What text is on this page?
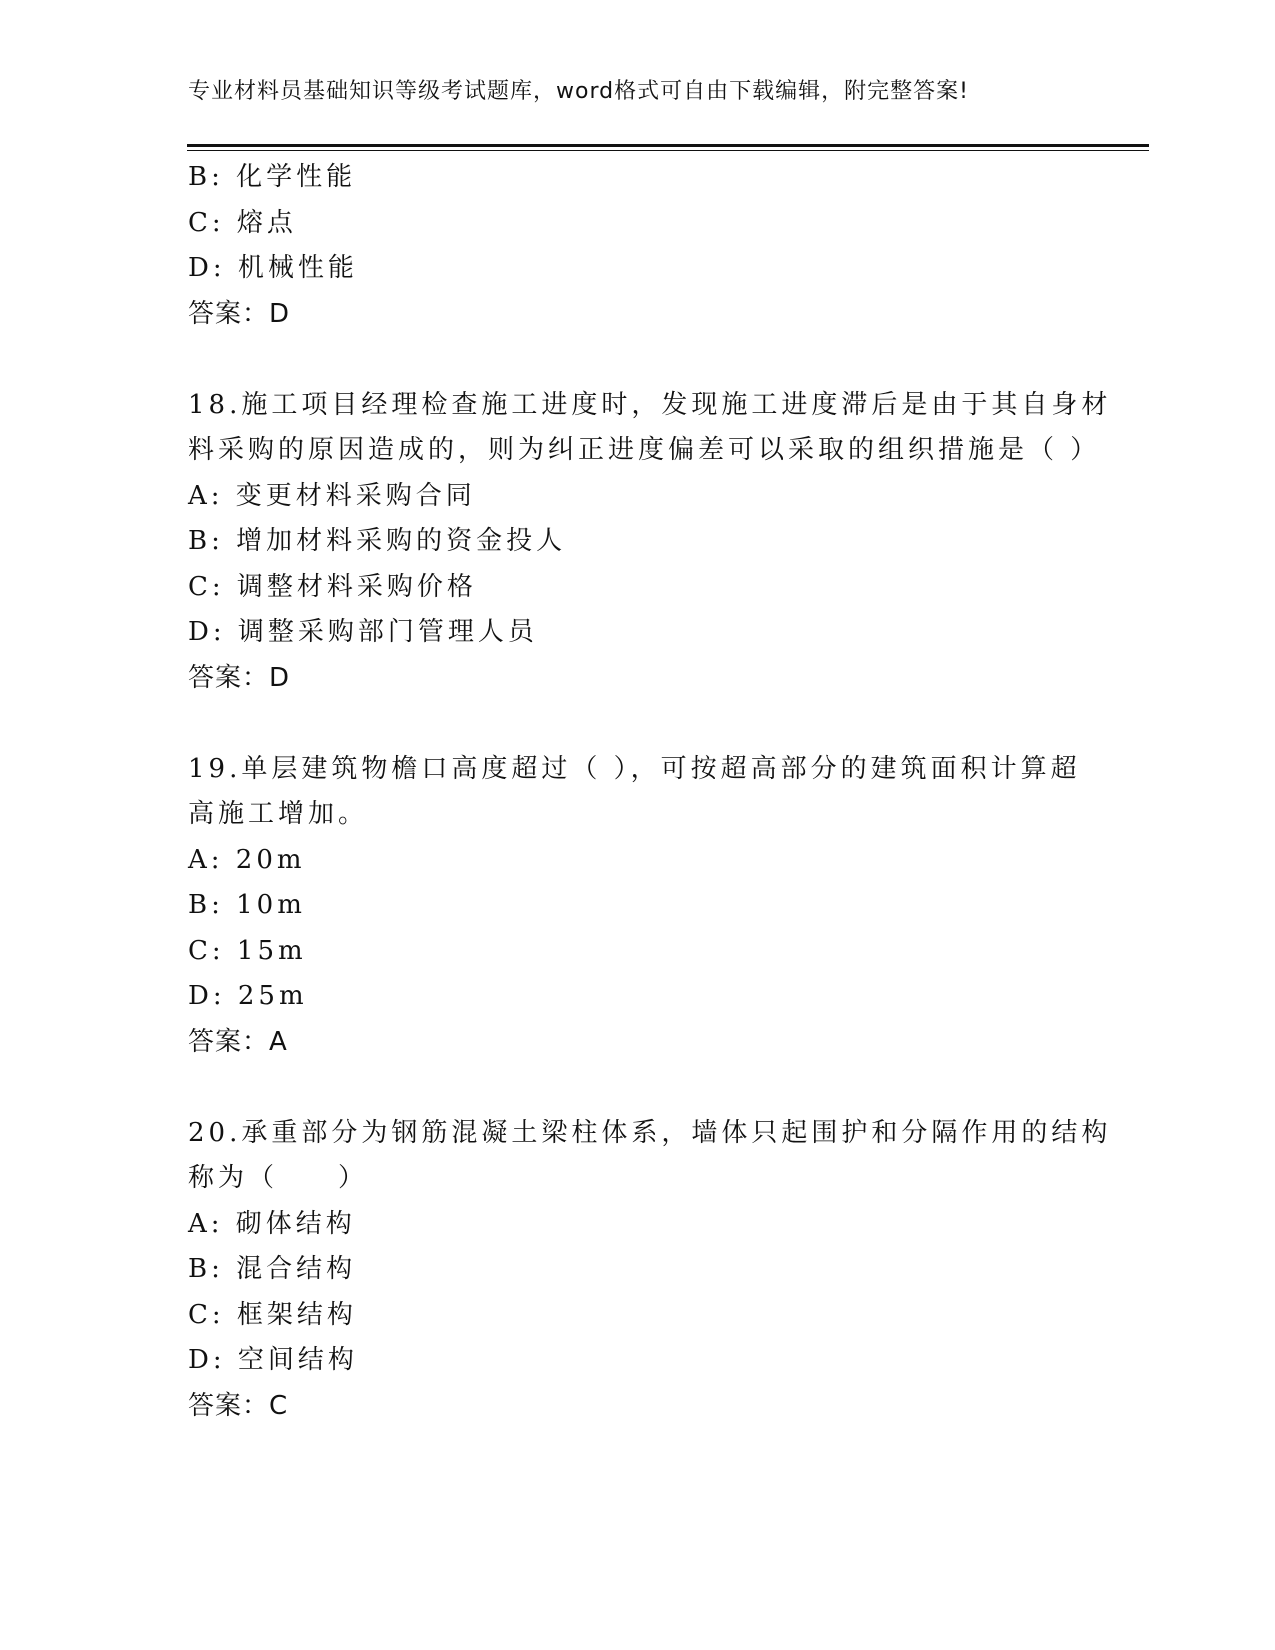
专业材料员基础知识等级考试题库，word格式可自由下载编辑，附完整答案!
B: 化学性能
C: 熔点
D: 机械性能
答案：D
18.施工项目经理检查施工进度时，发现施工进度滞后是由于其自身材
料采购的原因造成的，则为纠正进度偏差可以采取的组织措施是（ ）
A: 变更材料采购合同
B: 增加材料采购的资金投人
C: 调整材料采购价格
D: 调整采购部门管理人员
答案：D
19.单层建筑物檐口高度超过（ ），可按超高部分的建筑面积计算超
高施工增加。
A: 20m
B: 10m
C: 15m
D: 25m
答案：A
20.承重部分为钢筋混凝土梁柱体系，墙体只起围护和分隔作用的结构
称为（　　）
A: 砌体结构
B: 混合结构
C: 框架结构
D: 空间结构
答案：C
